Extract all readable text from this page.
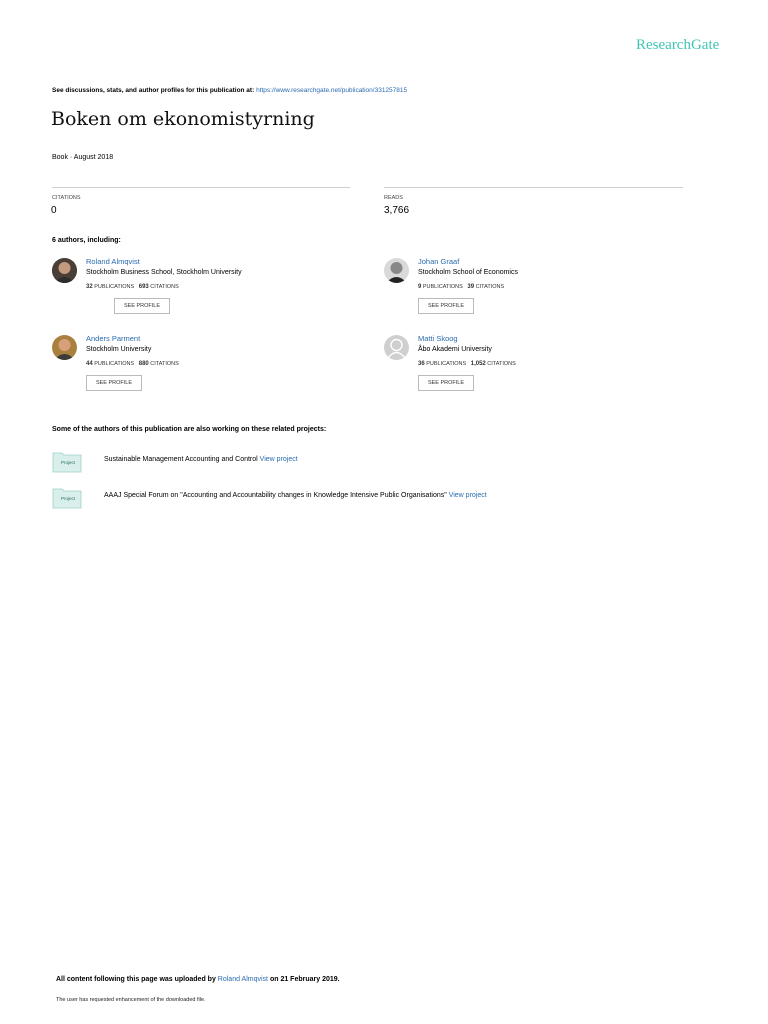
ResearchGate
See discussions, stats, and author profiles for this publication at: https://www.researchgate.net/publication/331257815
Boken om ekonomistyrning
Book · August 2018
CITATIONS
0
READS
3,766
6 authors, including:
Roland Almqvist
Stockholm Business School, Stockholm University
32 PUBLICATIONS 693 CITATIONS
SEE PROFILE
Johan Graaf
Stockholm School of Economics
9 PUBLICATIONS 39 CITATIONS
SEE PROFILE
Anders Parment
Stockholm University
44 PUBLICATIONS 880 CITATIONS
SEE PROFILE
Matti Skoog
Åbo Akademi University
36 PUBLICATIONS 1,052 CITATIONS
SEE PROFILE
Some of the authors of this publication are also working on these related projects:
Project	Sustainable Management Accounting and Control View project
Project	AAAJ Special Forum on "Accounting and Accountability changes in Knowledge Intensive Public Organisations" View project
All content following this page was uploaded by Roland Almqvist on 21 February 2019.
The user has requested enhancement of the downloaded file.
